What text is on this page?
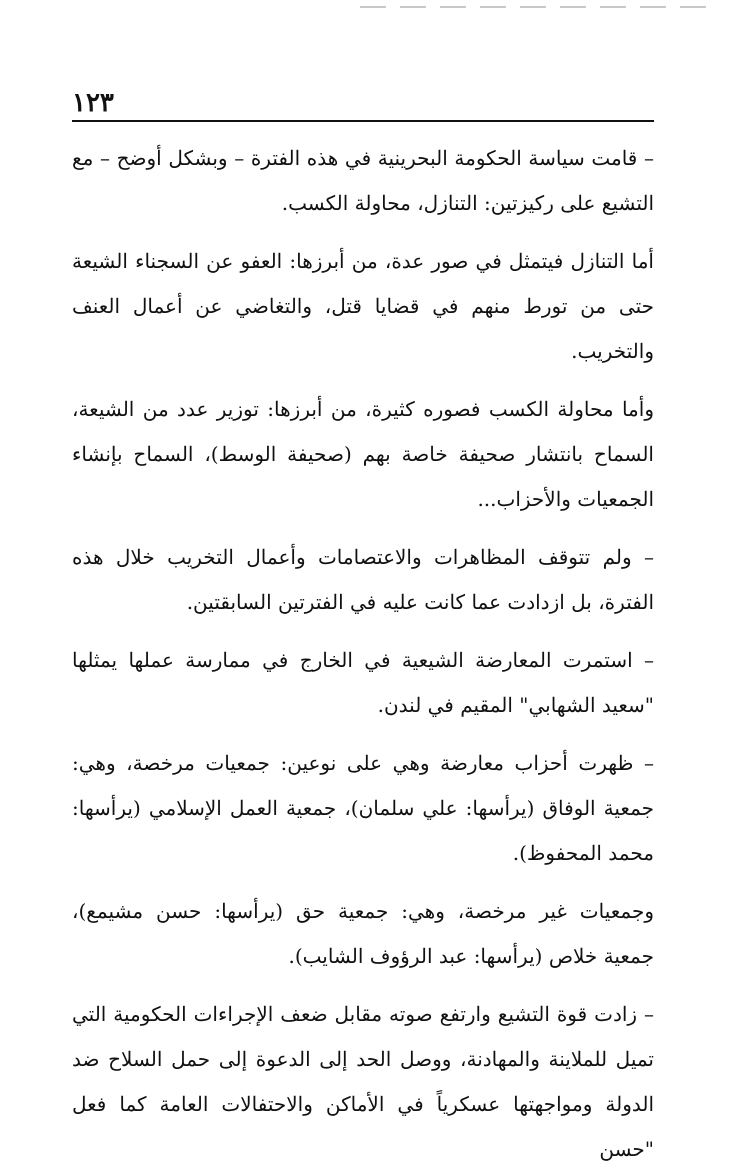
١٢٣

– قامت سياسة الحكومة البحرينية في هذه الفترة – وبشكل أوضح – مع التشيع على ركيزتين: التنازل، محاولة الكسب.

أما التنازل فيتمثل في صور عدة، من أبرزها: العفو عن السجناء الشيعة حتى من تورط منهم في قضايا قتل، والتغاضي عن أعمال العنف والتخريب.

وأما محاولة الكسب فصوره كثيرة، من أبرزها: توزير عدد من الشيعة، السماح بانتشار صحيفة خاصة بهم (صحيفة الوسط)، السماح بإنشاء الجمعيات والأحزاب...

– ولم تتوقف المظاهرات والاعتصامات وأعمال التخريب خلال هذه الفترة، بل ازدادت عما كانت عليه في الفترتين السابقتين.

– استمرت المعارضة الشيعية في الخارج في ممارسة عملها يمثلها "سعيد الشهابي" المقيم في لندن.

– ظهرت أحزاب معارضة وهي على نوعين: جمعيات مرخصة، وهي: جمعية الوفاق (يرأسها: علي سلمان)، جمعية العمل الإسلامي (يرأسها: محمد المحفوظ).

وجمعيات غير مرخصة، وهي: جمعية حق (يرأسها: حسن مشيمع)، جمعية خلاص (يرأسها: عبد الرؤوف الشايب).

– زادت قوة التشيع وارتفع صوته مقابل ضعف الإجراءات الحكومية التي تميل للملاينة والمهادنة، ووصل الحد إلى الدعوة إلى حمل السلاح ضد الدولة ومواجهتها عسكرياً في الأماكن والاحتفالات العامة كما فعل "حسن
